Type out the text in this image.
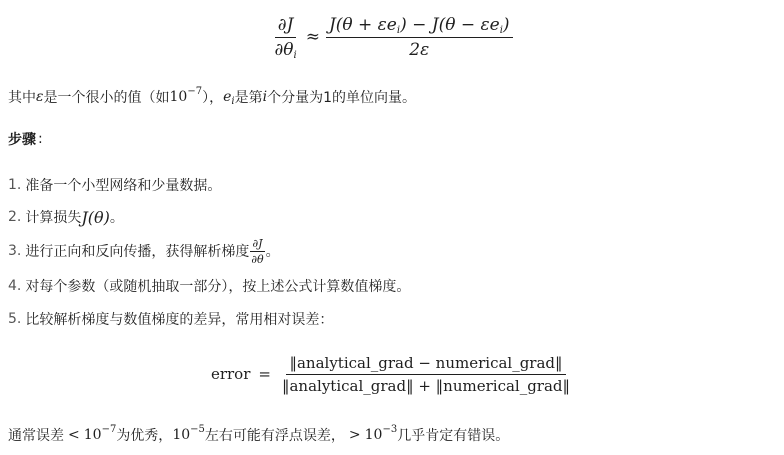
$\frac{\partial J}{\partial\theta_i} \approx \frac{J(\theta + \varepsilon e_i) - J(\theta - \varepsilon e_i)}{2\varepsilon}$
其中 ε 是一个很小的值（如 $10^{-7}$ ）， $e_i$ 是第 i 个分量为1的单位向量。
步骤 :
1. 准备一个小型网络和少量数据。
2. 计算损失 J(θ) 。
3. 进行正向和反向传播，获得解析梯度 $\frac{\partial J}{\partial\theta}$ 。
4. 对每个参数（或随机抽取一部分），按上述公式计算数值梯度。
5. 比较解析梯度与数值梯度的差异，常用相对误差：
error = $\frac{\text{‖analytical\_grad − numerical\_grad‖}}{\text{‖analytical\_grad‖ + ‖numerical\_grad‖}}$
通常误差 < $10^{-7}$ 为优秀， $10^{-5}$ 左右可能有浮点误差， > $10^{-3}$ 几乎肯定有错误。
